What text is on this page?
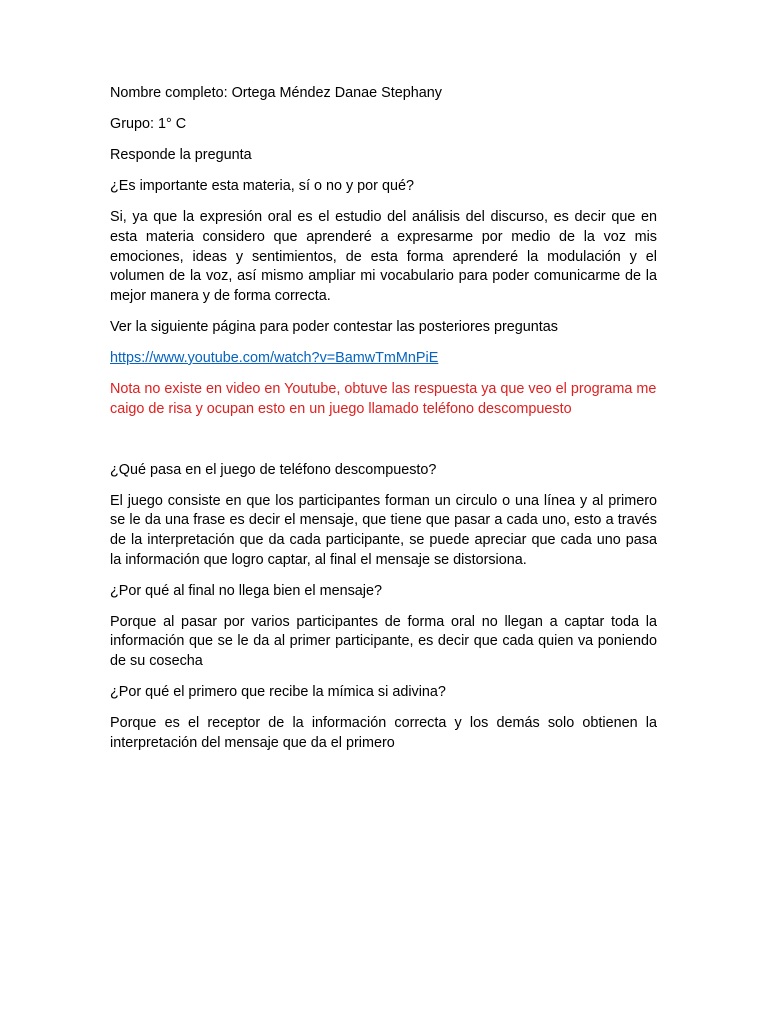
Nombre completo: Ortega Méndez Danae Stephany

Grupo: 1° C

Responde la pregunta

¿Es importante esta materia, sí o no y por qué?

Si, ya que la expresión oral es el estudio del análisis del discurso, es decir que en esta materia considero que aprenderé a expresarme por medio de la voz mis emociones, ideas y sentimientos, de esta forma aprenderé la modulación y el volumen de la voz, así mismo ampliar mi vocabulario para poder comunicarme de la mejor manera y de forma correcta.

Ver la siguiente página para poder contestar las posteriores preguntas

https://www.youtube.com/watch?v=BamwTmMnPiE

Nota no existe en video en Youtube, obtuve las respuesta ya que veo el programa me caigo de risa y ocupan esto en un juego llamado teléfono descompuesto

¿Qué pasa en el juego de teléfono descompuesto?

El juego consiste en que los participantes forman un circulo o una línea y al primero se le da una frase es decir el mensaje, que tiene que pasar a cada uno, esto a través de la interpretación que da cada participante, se puede apreciar que cada uno pasa la información que logro captar, al final el mensaje se distorsiona.

¿Por qué al final no llega bien el mensaje?

Porque al pasar por varios participantes de forma oral no llegan a captar toda la información que se le da al primer participante, es decir que cada quien va poniendo de su cosecha

¿Por qué el primero que recibe la mímica si adivina?

Porque es el receptor de la información correcta y los demás solo obtienen la interpretación del mensaje que da el primero
